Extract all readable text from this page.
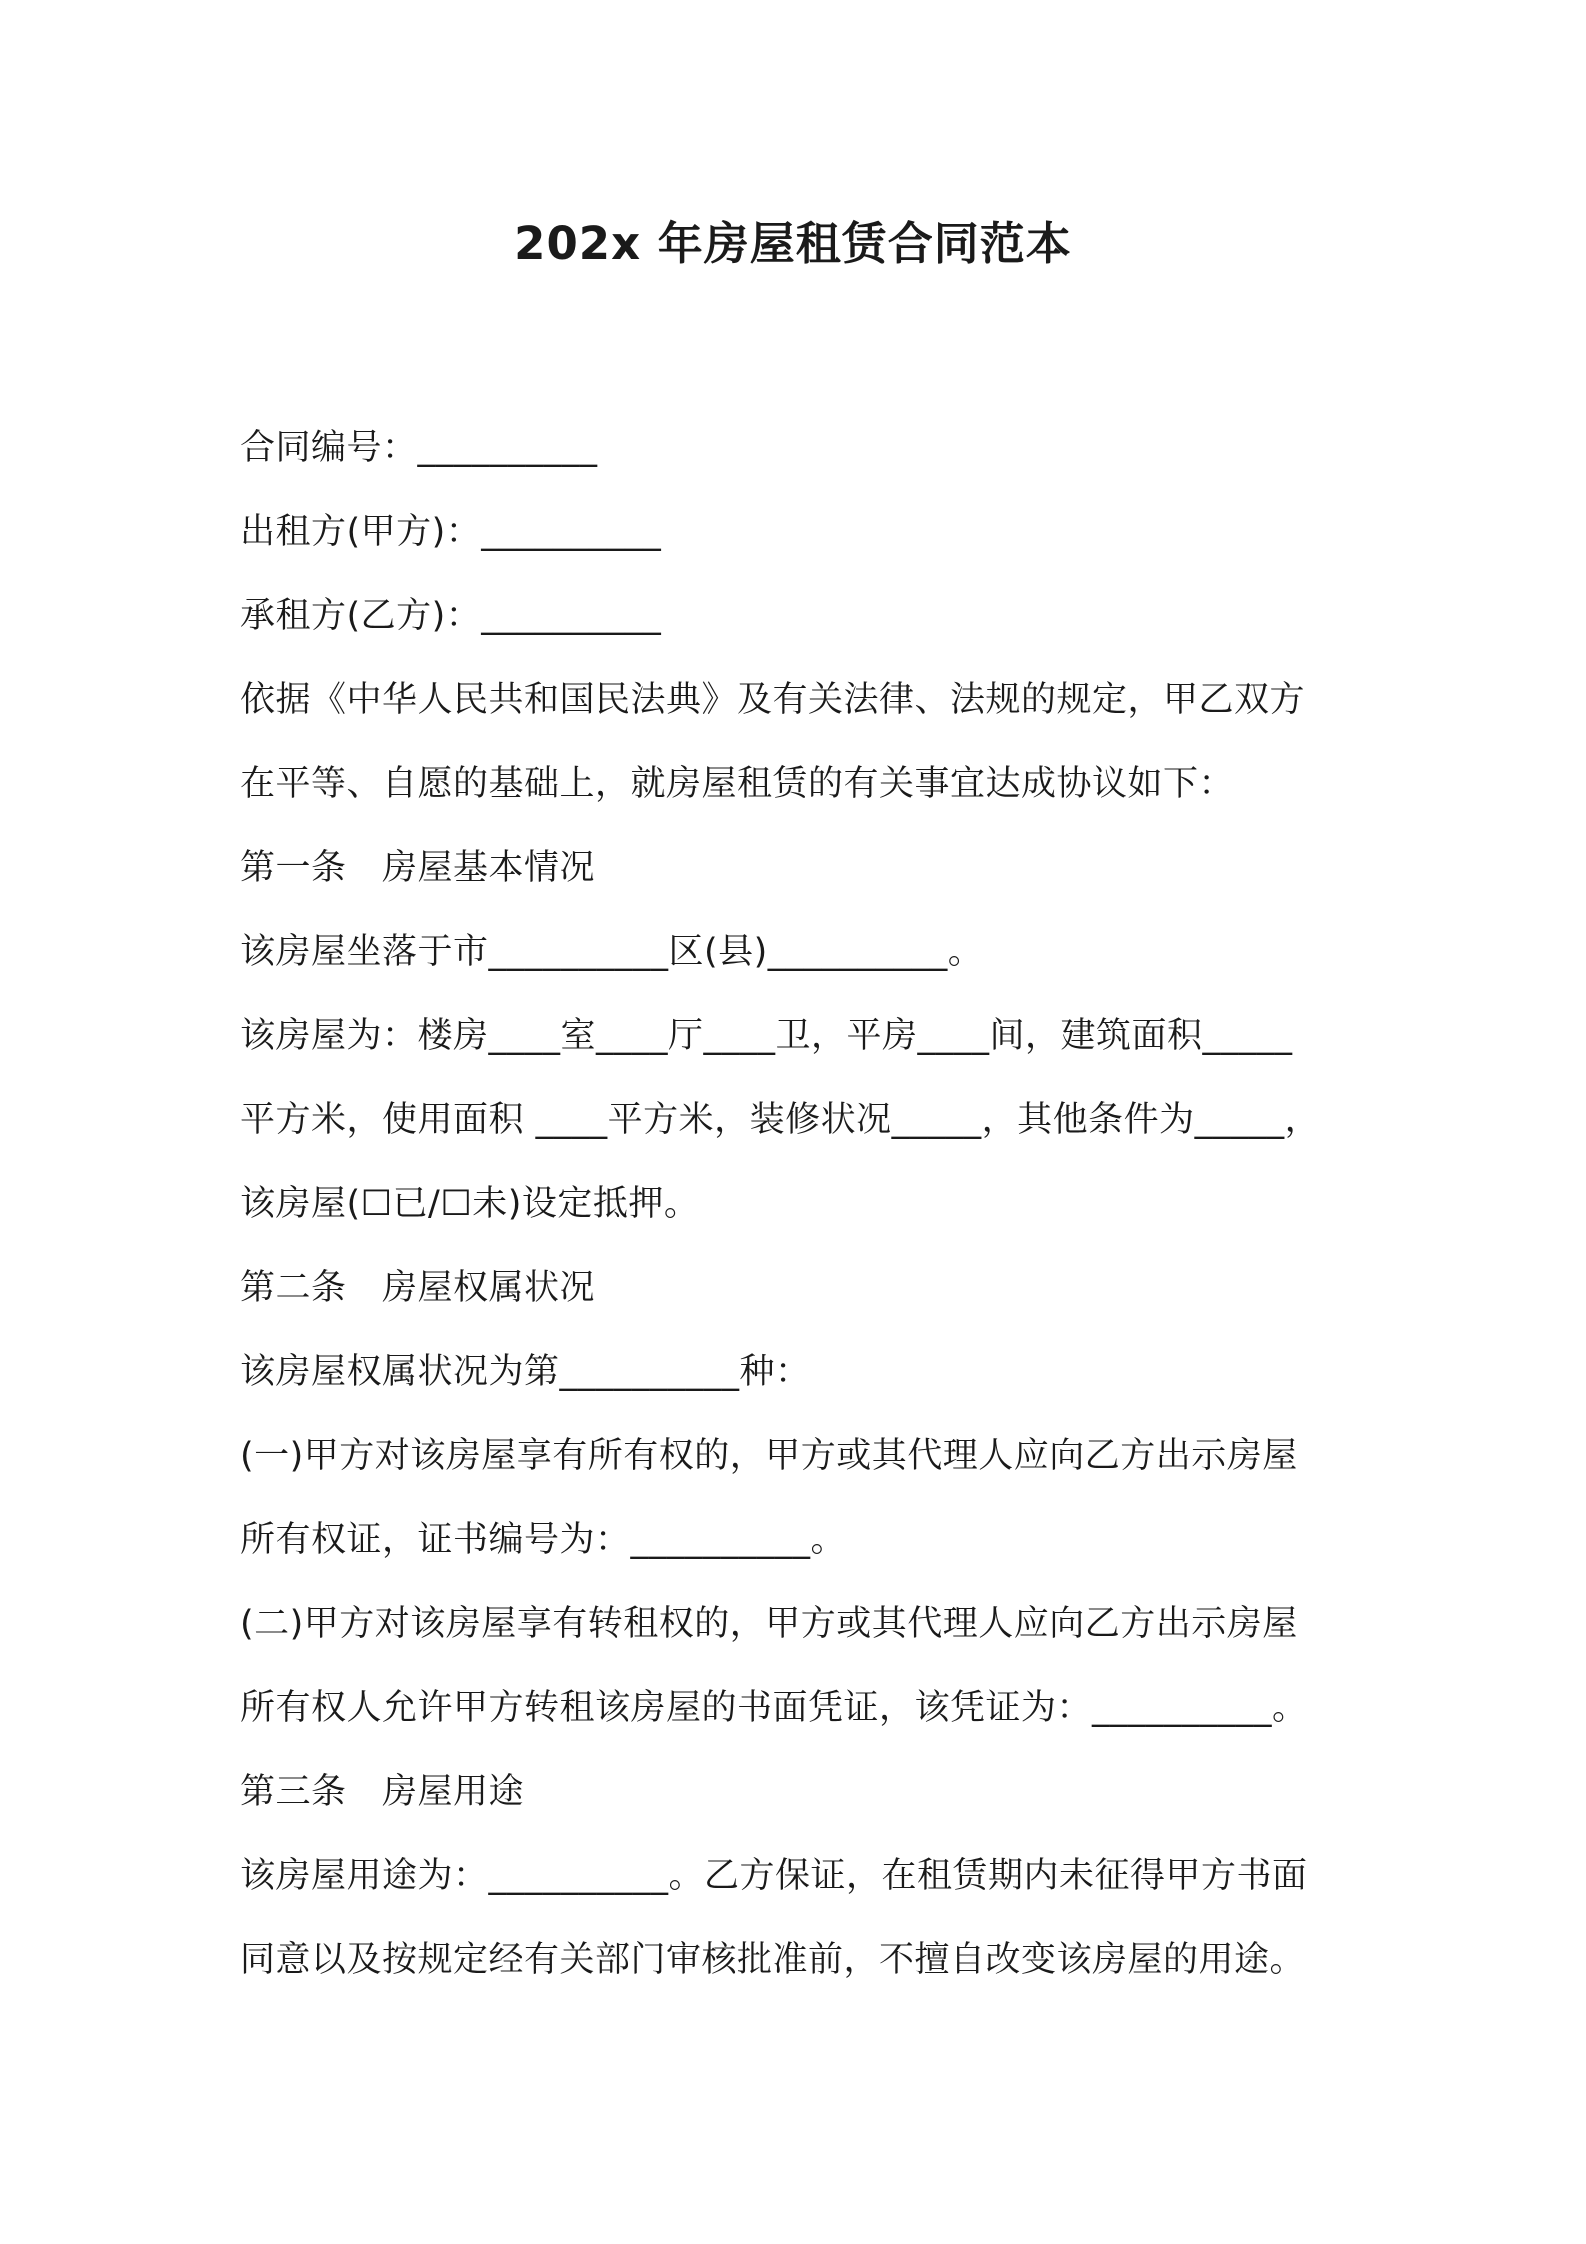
202x 年房屋租赁合同范本
合同编号：__________
出租方(甲方)：__________
承租方(乙方)：__________
依据《中华人民共和国民法典》及有关法律、法规的规定，甲乙双方
在平等、自愿的基础上，就房屋租赁的有关事宜达成协议如下：
第一条　房屋基本情况
该房屋坐落于市__________区(县)__________。
该房屋为：楼房____室____厅____卫，平房____间，建筑面积_____
平方米，使用面积 ____平方米，装修状况_____，其他条件为_____，
该房屋(☐已/☐未)设定抵押。
第二条　房屋权属状况
该房屋权属状况为第__________种：
(一)甲方对该房屋享有所有权的，甲方或其代理人应向乙方出示房屋
所有权证，证书编号为：__________。
(二)甲方对该房屋享有转租权的，甲方或其代理人应向乙方出示房屋
所有权人允许甲方转租该房屋的书面凭证，该凭证为：__________。
第三条　房屋用途
该房屋用途为：__________。乙方保证，在租赁期内未征得甲方书面
同意以及按规定经有关部门审核批准前，不擅自改变该房屋的用途。
